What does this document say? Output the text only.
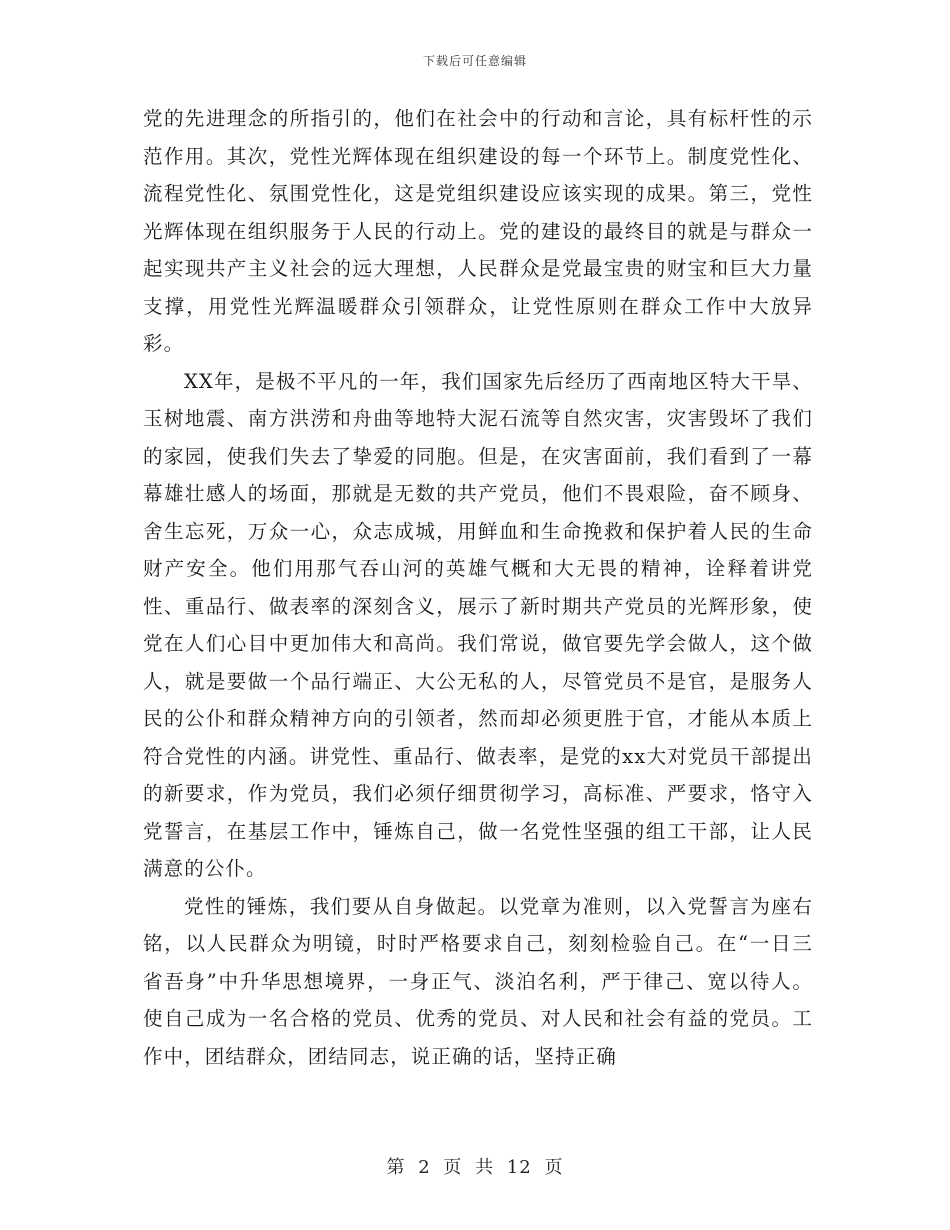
下载后可任意编辑

党的先进理念的所指引的，他们在社会中的行动和言论，具有标杆性的示范作用。其次，党性光辉体现在组织建设的每一个环节上。制度党性化、流程党性化、氛围党性化，这是党组织建设应该实现的成果。第三，党性光辉体现在组织服务于人民的行动上。党的建设的最终目的就是与群众一起实现共产主义社会的远大理想，人民群众是党最宝贵的财宝和巨大力量支撑，用党性光辉温暖群众引领群众，让党性原则在群众工作中大放异彩。

XX年，是极不平凡的一年，我们国家先后经历了西南地区特大干旱、玉树地震、南方洪涝和舟曲等地特大泥石流等自然灾害，灾害毁坏了我们的家园，使我们失去了挚爱的同胞。但是，在灾害面前，我们看到了一幕幕雄壮感人的场面，那就是无数的共产党员，他们不畏艰险，奋不顾身、舍生忘死，万众一心，众志成城，用鲜血和生命挽救和保护着人民的生命财产安全。他们用那气吞山河的英雄气概和大无畏的精神，诠释着讲党性、重品行、做表率的深刻含义，展示了新时期共产党员的光辉形象，使党在人们心目中更加伟大和高尚。我们常说，做官要先学会做人，这个做人，就是要做一个品行端正、大公无私的人，尽管党员不是官，是服务人民的公仆和群众精神方向的引领者，然而却必须更胜于官，才能从本质上符合党性的内涵。讲党性、重品行、做表率，是党的xx大对党员干部提出的新要求，作为党员，我们必须仔细贯彻学习，高标准、严要求，恪守入党誓言，在基层工作中，锤炼自己，做一名党性坚强的组工干部，让人民满意的公仆。

党性的锤炼，我们要从自身做起。以党章为准则，以入党誓言为座右铭，以人民群众为明镜，时时严格要求自己，刻刻检验自己。在“一日三省吾身”中升华思想境界，一身正气、淡泊名利，严于律己、宽以待人。使自己成为一名合格的党员、优秀的党员、对人民和社会有益的党员。工作中，团结群众，团结同志，说正确的话，坚持正确

第 2 页 共 12 页
